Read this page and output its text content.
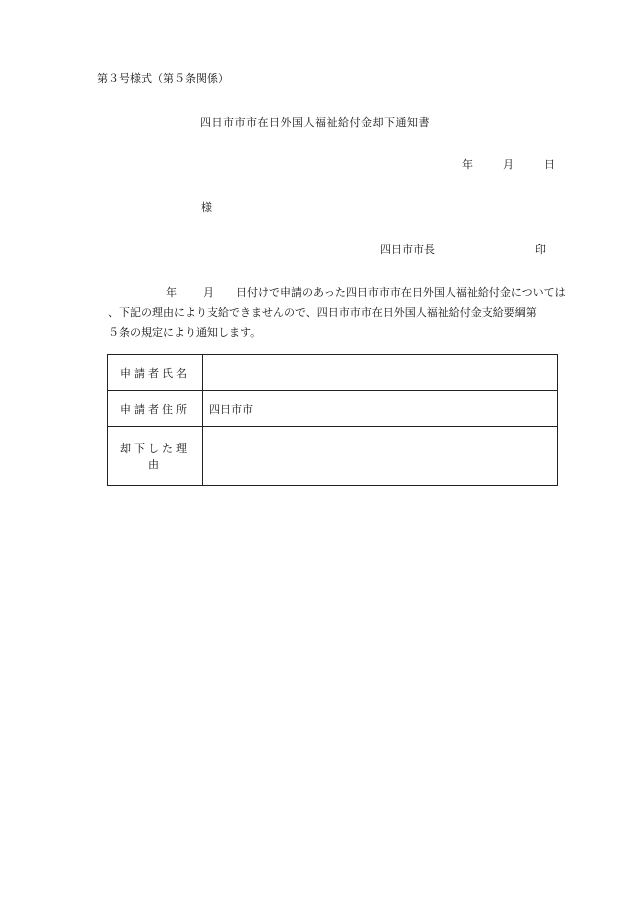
第３号様式（第５条関係）
四日市市市在日外国人福祉給付金却下通知書
年	月	日
様
四日市市長	印
年 月 日付けで申請のあった四日市市市在日外国人福祉給付金については
、下記の理由により支給できませんので、四日市市市在日外国人福祉給付金支給要綱第
５条の規定により通知します。
申請者氏名	
申請者住所	四日市市
却下した理由	
